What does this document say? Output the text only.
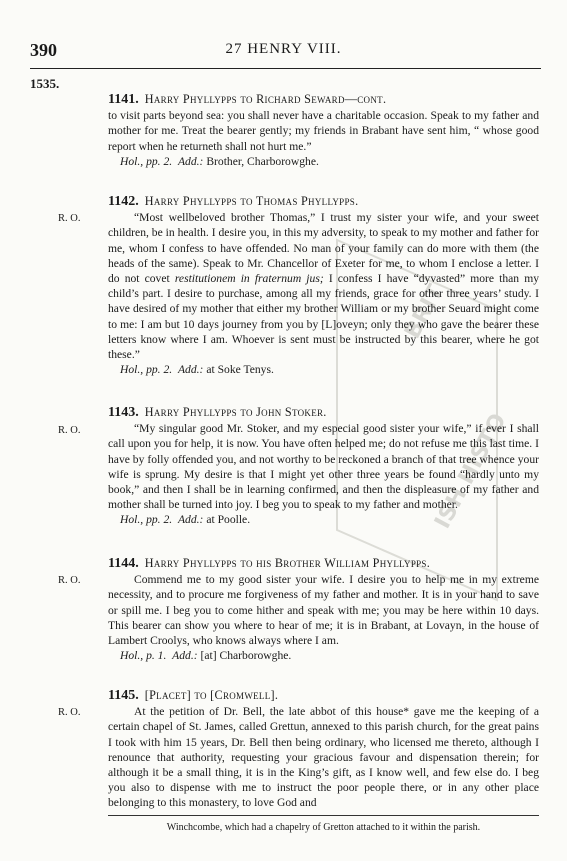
390	27 HENRY VIII.
1535.
BRIT
ISH HISTO
1141. Harry Phyllypps to Richard Seward—cont.

to visit parts beyond sea: you shall never have a charitable occasion. Speak to my father and mother for me. Treat the bearer gently; my friends in Brabant have sent him, “ whose good report when he returneth shall not hurt me.”

Hol., pp. 2. Add.: Brother, Charborowghe.

R. O.
1142. Harry Phyllypps to Thomas Phyllypps.

“Most wellbeloved brother Thomas,” I trust my sister your wife, and your sweet children, be in health. I desire you, in this my adversity, to speak to my mother and father for me, whom I confess to have offended. No man of your family can do more with them (the heads of the same). Speak to Mr. Chancellor of Exeter for me, to whom I enclose a letter. I do not covet restitutionem in fraternum jus; I confess I have “dyvasted” more than my child’s part. I desire to purchase, among all my friends, grace for other three years’ study. I have desired of my mother that either my brother William or my brother Seuard might come to me: I am but 10 days journey from you by [L]oveyn; only they who gave the bearer these letters know where I am. Whoever is sent must be instructed by this bearer, where he got these.”

Hol., pp. 2. Add.: at Soke Tenys.

R. O.
1143. Harry Phyllypps to John Stoker.

“My singular good Mr. Stoker, and my especial good sister your wife,” if ever I shall call upon you for help, it is now. You have often helped me; do not refuse me this last time. I have by folly offended you, and not worthy to be reckoned a branch of that tree whence your wife is sprung. My desire is that I might yet other three years be found “hardly unto my book,” and then I shall be in learning confirmed, and then the displeasure of my father and mother shall be turned into joy. I beg you to speak to my father and mother.

Hol., pp. 2. Add.: at Poolle.

R. O.
1144. Harry Phyllypps to his Brother William Phyllypps.

Commend me to my good sister your wife. I desire you to help me in my extreme necessity, and to procure me forgiveness of my father and mother. It is in your hand to save or spill me. I beg you to come hither and speak with me; you may be here within 10 days. This bearer can show you where to hear of me; it is in Brabant, at Lovayn, in the house of Lambert Croolys, who knows always where I am.

Hol., p. 1. Add.: [at] Charborowghe.

R. O.
1145. [Placet] to [Cromwell].

At the petition of Dr. Bell, the late abbot of this house* gave me the keeping of a certain chapel of St. James, called Grettun, annexed to this parish church, for the great pains I took with him 15 years, Dr. Bell then being ordinary, who licensed me thereto, although I renounce that authority, requesting your gracious favour and dispensation therein; for although it be a small thing, it is in the King’s gift, as I know well, and few else do. I beg you also to dispense with me to instruct the poor people there, or in any other place belonging to this monastery, to love God and

Winchcombe, which had a chapelry of Gretton attached to it within the parish.
